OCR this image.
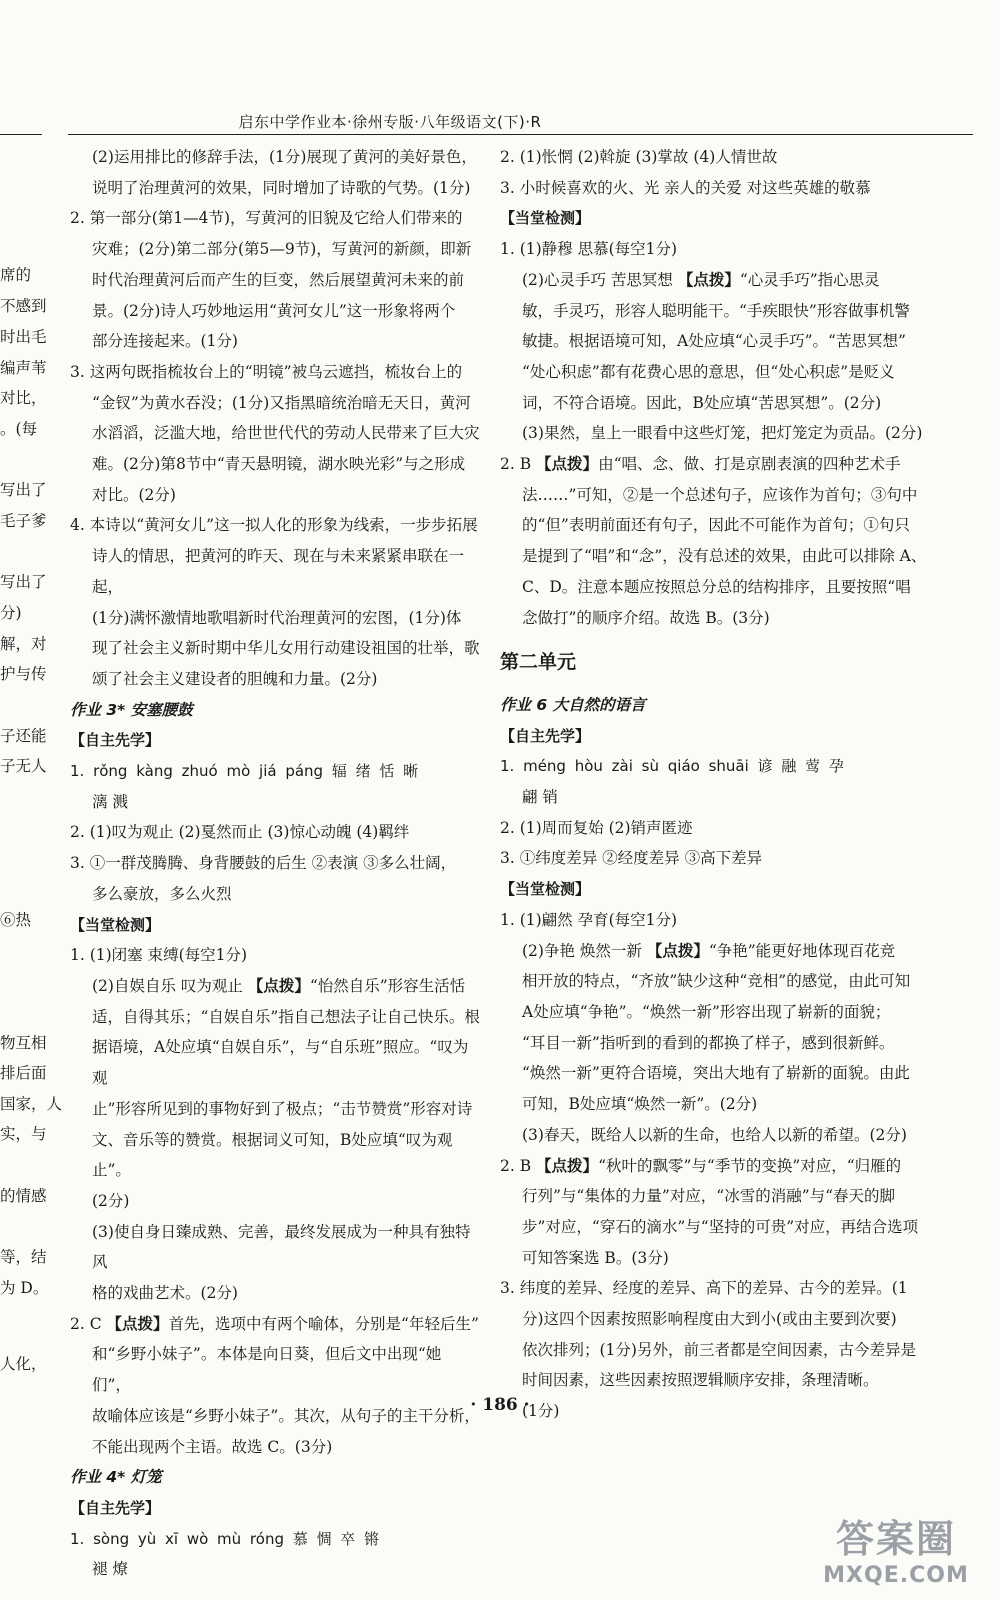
启东中学作业本·徐州专版·八年级语文(下)·R
席的
不感到
时出毛
编声苇
对比，
。(每
写出了
毛子爹
写出了
分)
解，对
护与传
子还能
子无人
⑥热
物互相
排后面
国家，人
实，与
的情感
等，结
为 D。
人化，

(2)运用排比的修辞手法，(1分)展现了黄河的美好景色，

说明了治理黄河的效果，同时增加了诗歌的气势。(1分)

2. 第一部分(第1—4节)，写黄河的旧貌及它给人们带来的

灾难；(2分)第二部分(第5—9节)，写黄河的新颜，即新

时代治理黄河后而产生的巨变，然后展望黄河未来的前

景。(2分)诗人巧妙地运用“黄河女儿”这一形象将两个

部分连接起来。(1分)

3. 这两句既指梳妆台上的“明镜”被乌云遮挡，梳妆台上的

“金钗”为黄水吞没；(1分)又指黑暗统治暗无天日，黄河

水滔滔，泛滥大地，给世世代代的劳动人民带来了巨大灾

难。(2分)第8节中“青天悬明镜，湖水映光彩”与之形成

对比。(2分)

4. 本诗以“黄河女儿”这一拟人化的形象为线索，一步步拓展

诗人的情思，把黄河的昨天、现在与未来紧紧串联在一起，

(1分)满怀激情地歌唱新时代治理黄河的宏图，(1分)体

现了社会主义新时期中华儿女用行动建设祖国的壮举，歌

颂了社会主义建设者的胆魄和力量。(2分)

作业 3* 安塞腰鼓

【自主先学】

1. rǒng kàng zhuó mò jiá páng 辐 绪 恬 晰

漓 溅

2. (1)叹为观止 (2)戛然而止 (3)惊心动魄 (4)羁绊

3. ①一群茂腾腾、身背腰鼓的后生 ②表演 ③多么壮阔，

多么豪放，多么火烈

【当堂检测】

1. (1)闭塞 束缚(每空1分)

(2)自娱自乐 叹为观止 【点拨】“怡然自乐”形容生活恬

适，自得其乐；“自娱自乐”指自己想法子让自己快乐。根

据语境，A处应填“自娱自乐”，与“自乐班”照应。“叹为观

止”形容所见到的事物好到了极点；“击节赞赏”形容对诗

文、音乐等的赞赏。根据词义可知，B处应填“叹为观止”。

(2分)

(3)使自身日臻成熟、完善，最终发展成为一种具有独特风

格的戏曲艺术。(2分)

2. C 【点拨】首先，选项中有两个喻体，分别是“年轻后生”

和“乡野小妹子”。本体是向日葵，但后文中出现“她们”，

故喻体应该是“乡野小妹子”。其次，从句子的主干分析，

不能出现两个主语。故选 C。(3分)

作业 4* 灯笼

【自主先学】

1. sòng yù xī wò mù róng 慕 惆 卒 锵

褪 燎

2. (1)怅惘 (2)斡旋 (3)掌故 (4)人情世故

3. 小时候喜欢的火、光 亲人的关爱 对这些英雄的敬慕

【当堂检测】

1. (1)静穆 思慕(每空1分)

(2)心灵手巧 苦思冥想 【点拨】“心灵手巧”指心思灵

敏，手灵巧，形容人聪明能干。“手疾眼快”形容做事机警

敏捷。根据语境可知，A处应填“心灵手巧”。“苦思冥想”

“处心积虑”都有花费心思的意思，但“处心积虑”是贬义

词，不符合语境。因此，B处应填“苦思冥想”。(2分)

(3)果然，皇上一眼看中这些灯笼，把灯笼定为贡品。(2分)

2. B 【点拨】由“唱、念、做、打是京剧表演的四种艺术手

法……”可知，②是一个总述句子，应该作为首句；③句中

的“但”表明前面还有句子，因此不可能作为首句；①句只

是提到了“唱”和“念”，没有总述的效果，由此可以排除 A、

C、D。注意本题应按照总分总的结构排序，且要按照“唱

念做打”的顺序介绍。故选 B。(3分)

第二单元

作业 6 大自然的语言

【自主先学】

1. méng hòu zài sù qiáo shuāi 谚 融 莺 孕

翩 销

2. (1)周而复始 (2)销声匿迹

3. ①纬度差异 ②经度差异 ③高下差异

【当堂检测】

1. (1)翩然 孕育(每空1分)

(2)争艳 焕然一新 【点拨】“争艳”能更好地体现百花竞

相开放的特点，“齐放”缺少这种“竞相”的感觉，由此可知

A处应填“争艳”。“焕然一新”形容出现了崭新的面貌；

“耳目一新”指听到的看到的都换了样子，感到很新鲜。

“焕然一新”更符合语境，突出大地有了崭新的面貌。由此

可知，B处应填“焕然一新”。(2分)

(3)春天，既给人以新的生命，也给人以新的希望。(2分)

2. B 【点拨】“秋叶的飘零”与“季节的变换”对应，“归雁的

行列”与“集体的力量”对应，“冰雪的消融”与“春天的脚

步”对应，“穿石的滴水”与“坚持的可贵”对应，再结合选项

可知答案选 B。(3分)

3. 纬度的差异、经度的差异、高下的差异、古今的差异。(1

分)这四个因素按照影响程度由大到小(或由主要到次要)

依次排列；(1分)另外，前三者都是空间因素，古今差异是

时间因素，这些因素按照逻辑顺序安排，条理清晰。

(1分)

· 186 ·
答案圈
MXQE.COM
